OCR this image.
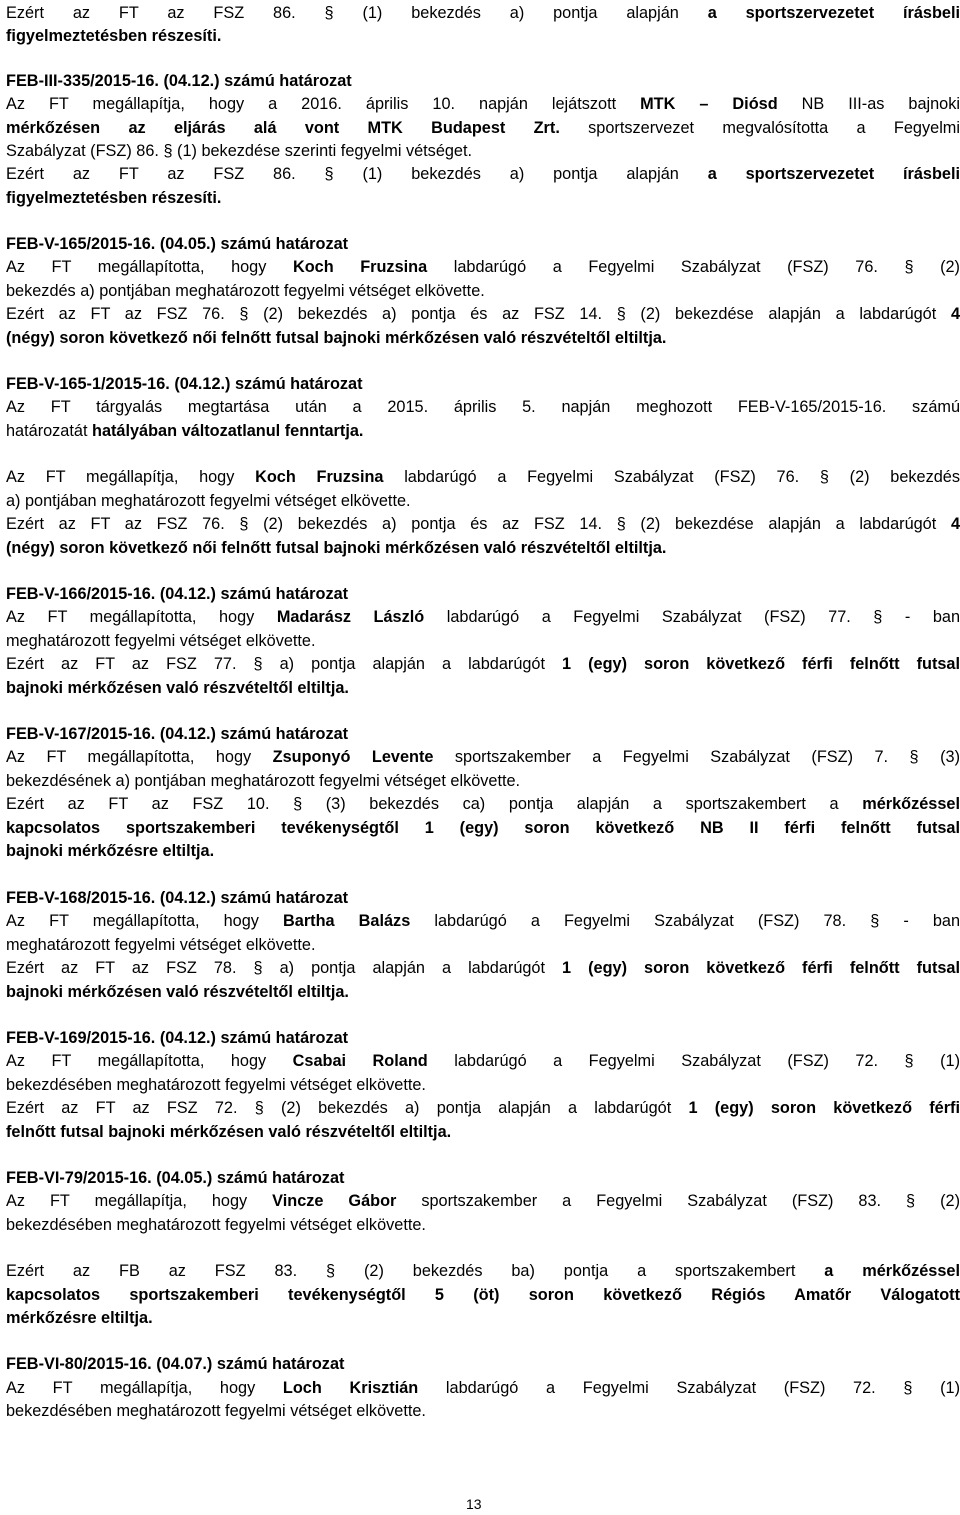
Ezért az FT az FSZ 86. § (1) bekezdés a) pontja alapján a sportszervezetet írásbeli
figyelmeztetésben részesíti.
FEB-III-335/2015-16. (04.12.) számú határozat
Az FT megállapítja, hogy a 2016. április 10. napján lejátszott MTK – Diósd NB III-as bajnoki
mérkőzésen az eljárás alá vont MTK Budapest Zrt. sportszervezet megvalósította a Fegyelmi
Szabályzat (FSZ) 86. § (1) bekezdése szerinti fegyelmi vétséget.
Ezért az FT az FSZ 86. § (1) bekezdés a) pontja alapján a sportszervezetet írásbeli
figyelmeztetésben részesíti.
FEB-V-165/2015-16. (04.05.) számú határozat
Az FT megállapította, hogy Koch Fruzsina labdarúgó a Fegyelmi Szabályzat (FSZ) 76. § (2)
bekezdés a) pontjában meghatározott fegyelmi vétséget elkövette.
Ezért az FT az FSZ 76. § (2) bekezdés a) pontja és az FSZ 14. § (2) bekezdése alapján a labdarúgót 4
(négy) soron következő női felnőtt futsal bajnoki mérkőzésen való részvételtől eltiltja.
FEB-V-165-1/2015-16. (04.12.) számú határozat
Az FT tárgyalás megtartása után a 2015. április 5. napján meghozott FEB-V-165/2015-16. számú
határozatát hatályában változatlanul fenntartja.
Az FT megállapítja, hogy Koch Fruzsina labdarúgó a Fegyelmi Szabályzat (FSZ) 76. § (2) bekezdés
a) pontjában meghatározott fegyelmi vétséget elkövette.
Ezért az FT az FSZ 76. § (2) bekezdés a) pontja és az FSZ 14. § (2) bekezdése alapján a labdarúgót 4
(négy) soron következő női felnőtt futsal bajnoki mérkőzésen való részvételtől eltiltja.
FEB-V-166/2015-16. (04.12.) számú határozat
Az FT megállapította, hogy Madarász László labdarúgó a Fegyelmi Szabályzat (FSZ) 77. § - ban
meghatározott fegyelmi vétséget elkövette.
Ezért az FT az FSZ 77. § a) pontja alapján a labdarúgót 1 (egy) soron következő férfi felnőtt futsal
bajnoki mérkőzésen való részvételtől eltiltja.
FEB-V-167/2015-16. (04.12.) számú határozat
Az FT megállapította, hogy Zsuponyó Levente sportszakember a Fegyelmi Szabályzat (FSZ) 7. § (3)
bekezdésének a) pontjában meghatározott fegyelmi vétséget elkövette.
Ezért az FT az FSZ 10. § (3) bekezdés ca) pontja alapján a sportszakembert a mérkőzéssel
kapcsolatos sportszakemberi tevékenységtől 1 (egy) soron következő NB II férfi felnőtt futsal
bajnoki mérkőzésre eltiltja.
FEB-V-168/2015-16. (04.12.) számú határozat
Az FT megállapította, hogy Bartha Balázs labdarúgó a Fegyelmi Szabályzat (FSZ) 78. § - ban
meghatározott fegyelmi vétséget elkövette.
Ezért az FT az FSZ 78. § a) pontja alapján a labdarúgót 1 (egy) soron következő férfi felnőtt futsal
bajnoki mérkőzésen való részvételtől eltiltja.
FEB-V-169/2015-16. (04.12.) számú határozat
Az FT megállapította, hogy Csabai Roland labdarúgó a Fegyelmi Szabályzat (FSZ) 72. § (1)
bekezdésében meghatározott fegyelmi vétséget elkövette.
Ezért az FT az FSZ 72. § (2) bekezdés a) pontja alapján a labdarúgót 1 (egy) soron következő férfi
felnőtt futsal bajnoki mérkőzésen való részvételtől eltiltja.
FEB-VI-79/2015-16. (04.05.) számú határozat
Az FT megállapítja, hogy Vincze Gábor sportszakember a Fegyelmi Szabályzat (FSZ) 83. § (2)
bekezdésében meghatározott fegyelmi vétséget elkövette.
Ezért az FB az FSZ 83. § (2) bekezdés ba) pontja a sportszakembert a mérkőzéssel
kapcsolatos sportszakemberi tevékenységtől 5 (öt) soron következő Régiós Amatőr Válogatott
mérkőzésre eltiltja.
FEB-VI-80/2015-16. (04.07.) számú határozat
Az FT megállapítja, hogy Loch Krisztián labdarúgó a Fegyelmi Szabályzat (FSZ) 72. § (1)
bekezdésében meghatározott fegyelmi vétséget elkövette.
13
